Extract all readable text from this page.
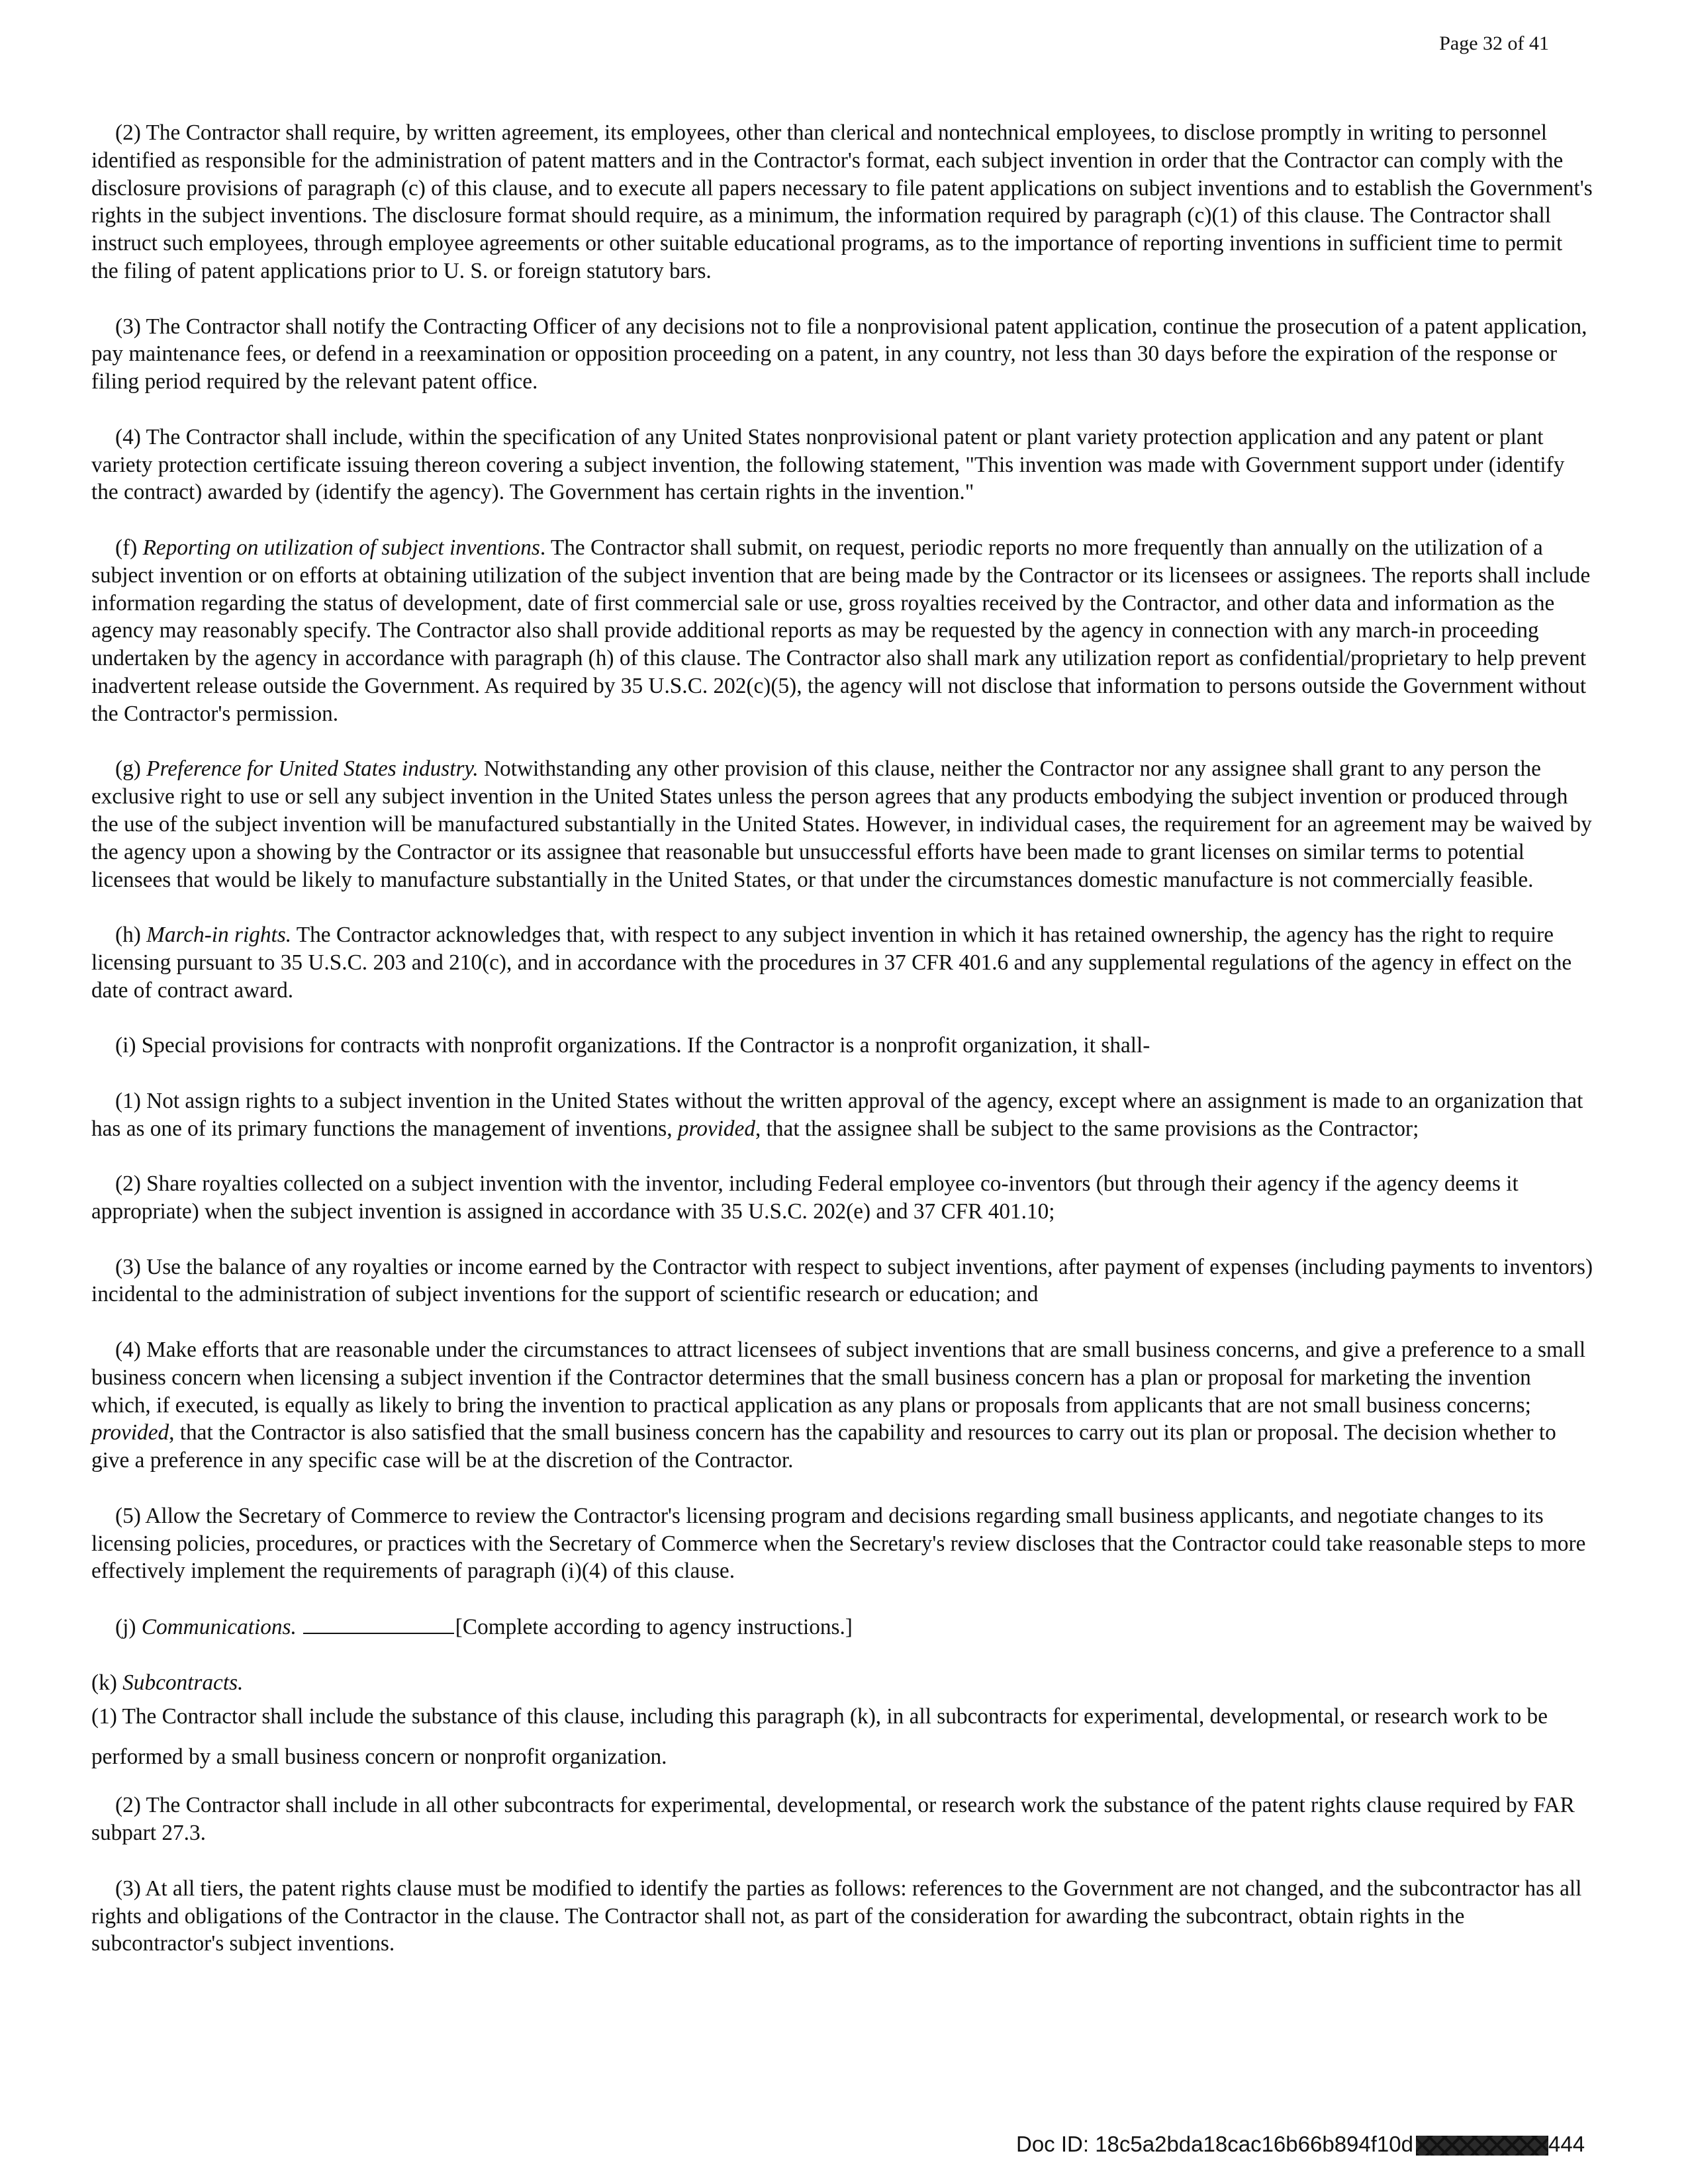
Page 32 of 41

(2) The Contractor shall require, by written agreement, its employees, other than clerical and nontechnical employees, to disclose promptly in writing to personnel identified as responsible for the administration of patent matters and in the Contractor's format, each subject invention in order that the Contractor can comply with the disclosure provisions of paragraph (c) of this clause, and to execute all papers necessary to file patent applications on subject inventions and to establish the Government's rights in the subject inventions. The disclosure format should require, as a minimum, the information required by paragraph (c)(1) of this clause. The Contractor shall instruct such employees, through employee agreements or other suitable educational programs, as to the importance of reporting inventions in sufficient time to permit the filing of patent applications prior to U. S. or foreign statutory bars.

(3) The Contractor shall notify the Contracting Officer of any decisions not to file a nonprovisional patent application, continue the prosecution of a patent application, pay maintenance fees, or defend in a reexamination or opposition proceeding on a patent, in any country, not less than 30 days before the expiration of the response or filing period required by the relevant patent office.

(4) The Contractor shall include, within the specification of any United States nonprovisional patent or plant variety protection application and any patent or plant variety protection certificate issuing thereon covering a subject invention, the following statement, "This invention was made with Government support under (identify the contract) awarded by (identify the agency). The Government has certain rights in the invention."

(f) Reporting on utilization of subject inventions. The Contractor shall submit, on request, periodic reports no more frequently than annually on the utilization of a subject invention or on efforts at obtaining utilization of the subject invention that are being made by the Contractor or its licensees or assignees. The reports shall include information regarding the status of development, date of first commercial sale or use, gross royalties received by the Contractor, and other data and information as the agency may reasonably specify. The Contractor also shall provide additional reports as may be requested by the agency in connection with any march-in proceeding undertaken by the agency in accordance with paragraph (h) of this clause. The Contractor also shall mark any utilization report as confidential/proprietary to help prevent inadvertent release outside the Government. As required by 35 U.S.C. 202(c)(5), the agency will not disclose that information to persons outside the Government without the Contractor's permission.

(g) Preference for United States industry. Notwithstanding any other provision of this clause, neither the Contractor nor any assignee shall grant to any person the exclusive right to use or sell any subject invention in the United States unless the person agrees that any products embodying the subject invention or produced through the use of the subject invention will be manufactured substantially in the United States. However, in individual cases, the requirement for an agreement may be waived by the agency upon a showing by the Contractor or its assignee that reasonable but unsuccessful efforts have been made to grant licenses on similar terms to potential licensees that would be likely to manufacture substantially in the United States, or that under the circumstances domestic manufacture is not commercially feasible.

(h) March-in rights. The Contractor acknowledges that, with respect to any subject invention in which it has retained ownership, the agency has the right to require licensing pursuant to 35 U.S.C. 203 and 210(c), and in accordance with the procedures in 37 CFR 401.6 and any supplemental regulations of the agency in effect on the date of contract award.

(i) Special provisions for contracts with nonprofit organizations. If the Contractor is a nonprofit organization, it shall-

(1) Not assign rights to a subject invention in the United States without the written approval of the agency, except where an assignment is made to an organization that has as one of its primary functions the management of inventions, provided, that the assignee shall be subject to the same provisions as the Contractor;

(2) Share royalties collected on a subject invention with the inventor, including Federal employee co-inventors (but through their agency if the agency deems it appropriate) when the subject invention is assigned in accordance with 35 U.S.C. 202(e) and 37 CFR 401.10;

(3) Use the balance of any royalties or income earned by the Contractor with respect to subject inventions, after payment of expenses (including payments to inventors) incidental to the administration of subject inventions for the support of scientific research or education; and

(4) Make efforts that are reasonable under the circumstances to attract licensees of subject inventions that are small business concerns, and give a preference to a small business concern when licensing a subject invention if the Contractor determines that the small business concern has a plan or proposal for marketing the invention which, if executed, is equally as likely to bring the invention to practical application as any plans or proposals from applicants that are not small business concerns; provided, that the Contractor is also satisfied that the small business concern has the capability and resources to carry out its plan or proposal. The decision whether to give a preference in any specific case will be at the discretion of the Contractor.

(5) Allow the Secretary of Commerce to review the Contractor's licensing program and decisions regarding small business applicants, and negotiate changes to its licensing policies, procedures, or practices with the Secretary of Commerce when the Secretary's review discloses that the Contractor could take reasonable steps to more effectively implement the requirements of paragraph (i)(4) of this clause.

(j) Communications.	[Complete according to agency instructions.]

(k) Subcontracts.

(1) The Contractor shall include the substance of this clause, including this paragraph (k), in all subcontracts for experimental, developmental, or research work to be performed by a small business concern or nonprofit organization.

(2) The Contractor shall include in all other subcontracts for experimental, developmental, or research work the substance of the patent rights clause required by FAR subpart 27.3.

(3) At all tiers, the patent rights clause must be modified to identify the parties as follows: references to the Government are not changed, and the subcontractor has all rights and obligations of the Contractor in the clause. The Contractor shall not, as part of the consideration for awarding the subcontract, obtain rights in the subcontractor's subject inventions.

Doc ID: 18c5a2bda18cac16b66b894f10d	444
